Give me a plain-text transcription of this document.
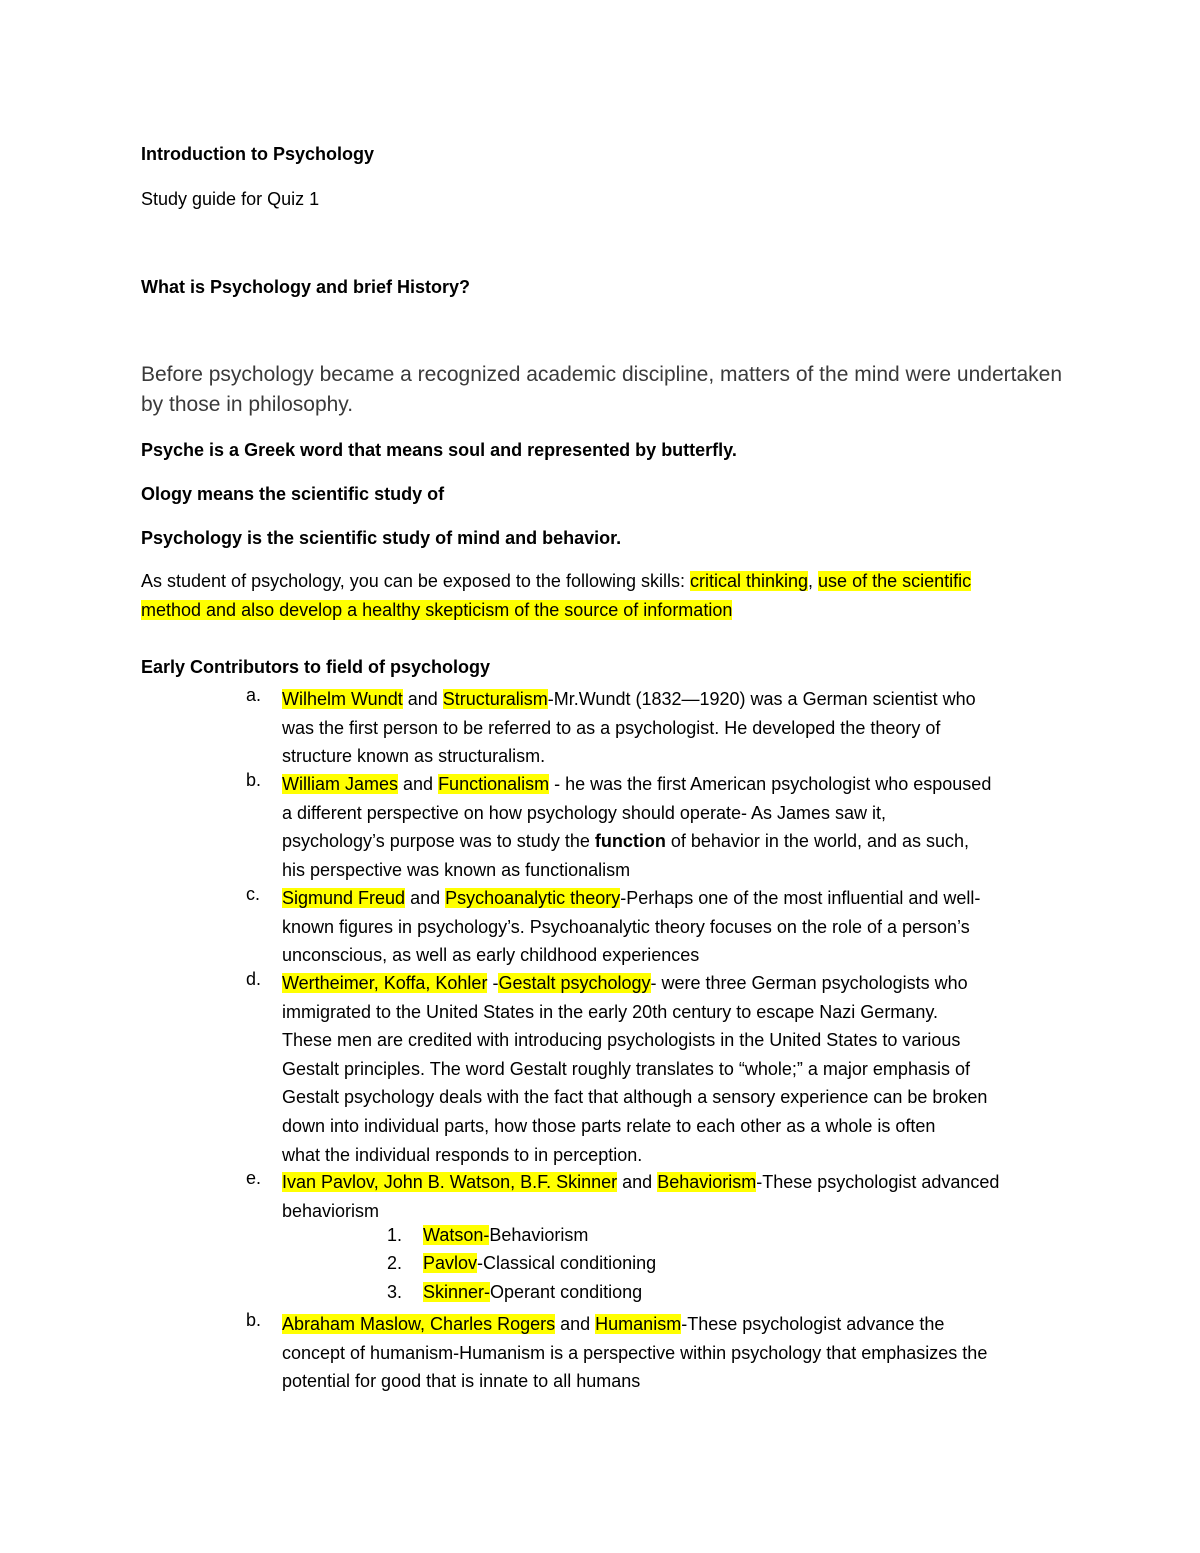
Introduction to Psychology
Study guide for Quiz 1
What is Psychology and brief History?
Before psychology became a recognized academic discipline, matters of the mind were undertaken
by those in philosophy.
Psyche is a Greek word that means soul and represented by butterfly.
Ology means the scientific study of
Psychology is the scientific study of mind and behavior.
As student of psychology, you can be exposed to the following skills: critical thinking, use of the scientific
method and also develop a healthy skepticism of the source of information
Early Contributors to field of psychology
a. Wilhelm Wundt and Structuralism-Mr.Wundt (1832—1920) was a German scientist who
was the first person to be referred to as a psychologist. He developed the theory of
structure known as structuralism.
b. William James and Functionalism - he was the first American psychologist who espoused
a different perspective on how psychology should operate- As James saw it,
psychology’s purpose was to study the function of behavior in the world, and as such,
his perspective was known as functionalism
c. Sigmund Freud and Psychoanalytic theory-Perhaps one of the most influential and well-
known figures in psychology’s. Psychoanalytic theory focuses on the role of a person’s
unconscious, as well as early childhood experiences
d. Wertheimer, Koffa, Kohler -Gestalt psychology- were three German psychologists who
immigrated to the United States in the early 20th century to escape Nazi Germany.
These men are credited with introducing psychologists in the United States to various
Gestalt principles. The word Gestalt roughly translates to “whole;” a major emphasis of
Gestalt psychology deals with the fact that although a sensory experience can be broken
down into individual parts, how those parts relate to each other as a whole is often
what the individual responds to in perception.
e. Ivan Pavlov, John B. Watson, B.F. Skinner and Behaviorism-These psychologist advanced
behaviorism
1. Watson-Behaviorism
2. Pavlov-Classical conditioning
3. Skinner-Operant conditiong
b. Abraham Maslow, Charles Rogers and Humanism-These psychologist advance the
concept of humanism-Humanism is a perspective within psychology that emphasizes the
potential for good that is innate to all humans
